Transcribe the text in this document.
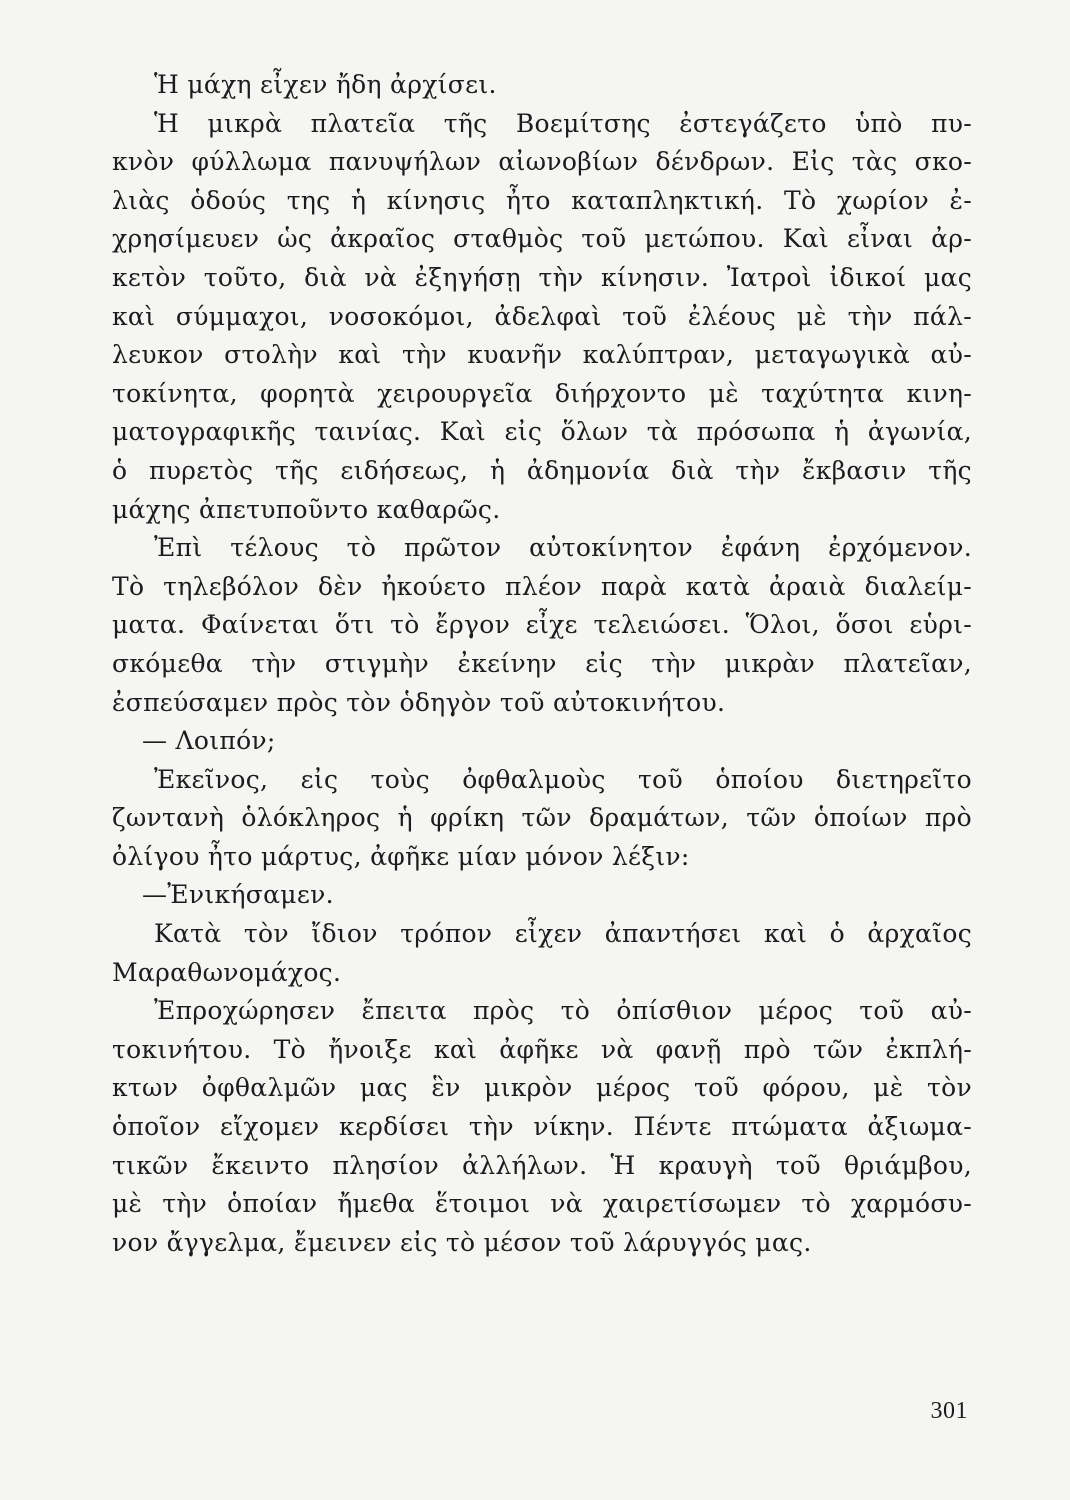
Ἡ μάχη εἶχεν ἤδη ἀρχίσει.
Ἡ μικρὰ πλατεῖα τῆς Βοεμίτσης ἐστεγάζετο ὑπὸ πυ-
κνὸν φύλλωμα πανυψήλων αἰωνοβίων δένδρων. Εἰς τὰς σκο-
λιὰς ὁδούς της ἡ κίνησις ἦτο καταπληκτική. Τὸ χωρίον ἐ-
χρησίμευεν ὡς ἀκραῖος σταθμὸς τοῦ μετώπου. Καὶ εἶναι ἀρ-
κετὸν τοῦτο, διὰ νὰ ἐξηγήσῃ τὴν κίνησιν. Ἰατροὶ ἰδικοί μας
καὶ σύμμαχοι, νοσοκόμοι, ἀδελφαὶ τοῦ ἐλέους μὲ τὴν πάλ-
λευκον στολὴν καὶ τὴν κυανῆν καλύπτραν, μεταγωγικὰ αὐ-
τοκίνητα, φορητὰ χειρουργεῖα διήρχοντο μὲ ταχύτητα κινη-
ματογραφικῆς ταινίας. Καὶ εἰς ὅλων τὰ πρόσωπα ἡ ἀγωνία,
ὁ πυρετὸς τῆς ειδήσεως, ἡ ἀδημονία διὰ τὴν ἔκβασιν τῆς
μάχης ἀπετυποῦντο καθαρῶς.
Ἐπὶ τέλους τὸ πρῶτον αὐτοκίνητον ἐφάνη ἐρχόμενον.
Τὸ τηλεβόλον δὲν ἠκούετο πλέον παρὰ κατὰ ἀραιὰ διαλείμ-
ματα. Φαίνεται ὅτι τὸ ἔργον εἶχε τελειώσει. Ὅλοι, ὅσοι εὑρι-
σκόμεθα τὴν στιγμὴν ἐκείνην εἰς τὴν μικρὰν πλατεῖαν,
ἐσπεύσαμεν πρὸς τὸν ὁδηγὸν τοῦ αὐτοκινήτου.
— Λοιπόν;
Ἐκεῖνος, εἰς τοὺς ὀφθαλμοὺς τοῦ ὁποίου διετηρεῖτο
ζωντανὴ ὁλόκληρος ἡ φρίκη τῶν δραμάτων, τῶν ὁποίων πρὸ
ὀλίγου ἦτο μάρτυς, ἀφῆκε μίαν μόνον λέξιν:
—Ἐνικήσαμεν.
Κατὰ τὸν ἴδιον τρόπον εἶχεν ἀπαντήσει καὶ ὁ ἀρχαῖος
Μαραθωνομάχος.
Ἐπροχώρησεν ἔπειτα πρὸς τὸ ὀπίσθιον μέρος τοῦ αὐ-
τοκινήτου. Τὸ ἤνοιξε καὶ ἀφῆκε νὰ φανῇ πρὸ τῶν ἐκπλή-
κτων ὀφθαλμῶν μας ἓν μικρὸν μέρος τοῦ φόρου, μὲ τὸν
ὁποῖον εἴχομεν κερδίσει τὴν νίκην. Πέντε πτώματα ἀξιωμα-
τικῶν ἔκειντο πλησίον ἀλλήλων. Ἡ κραυγὴ τοῦ θριάμβου,
μὲ τὴν ὁποίαν ἤμεθα ἕτοιμοι νὰ χαιρετίσωμεν τὸ χαρμόσυ-
νον ἄγγελμα, ἔμεινεν εἰς τὸ μέσον τοῦ λάρυγγός μας.
301
